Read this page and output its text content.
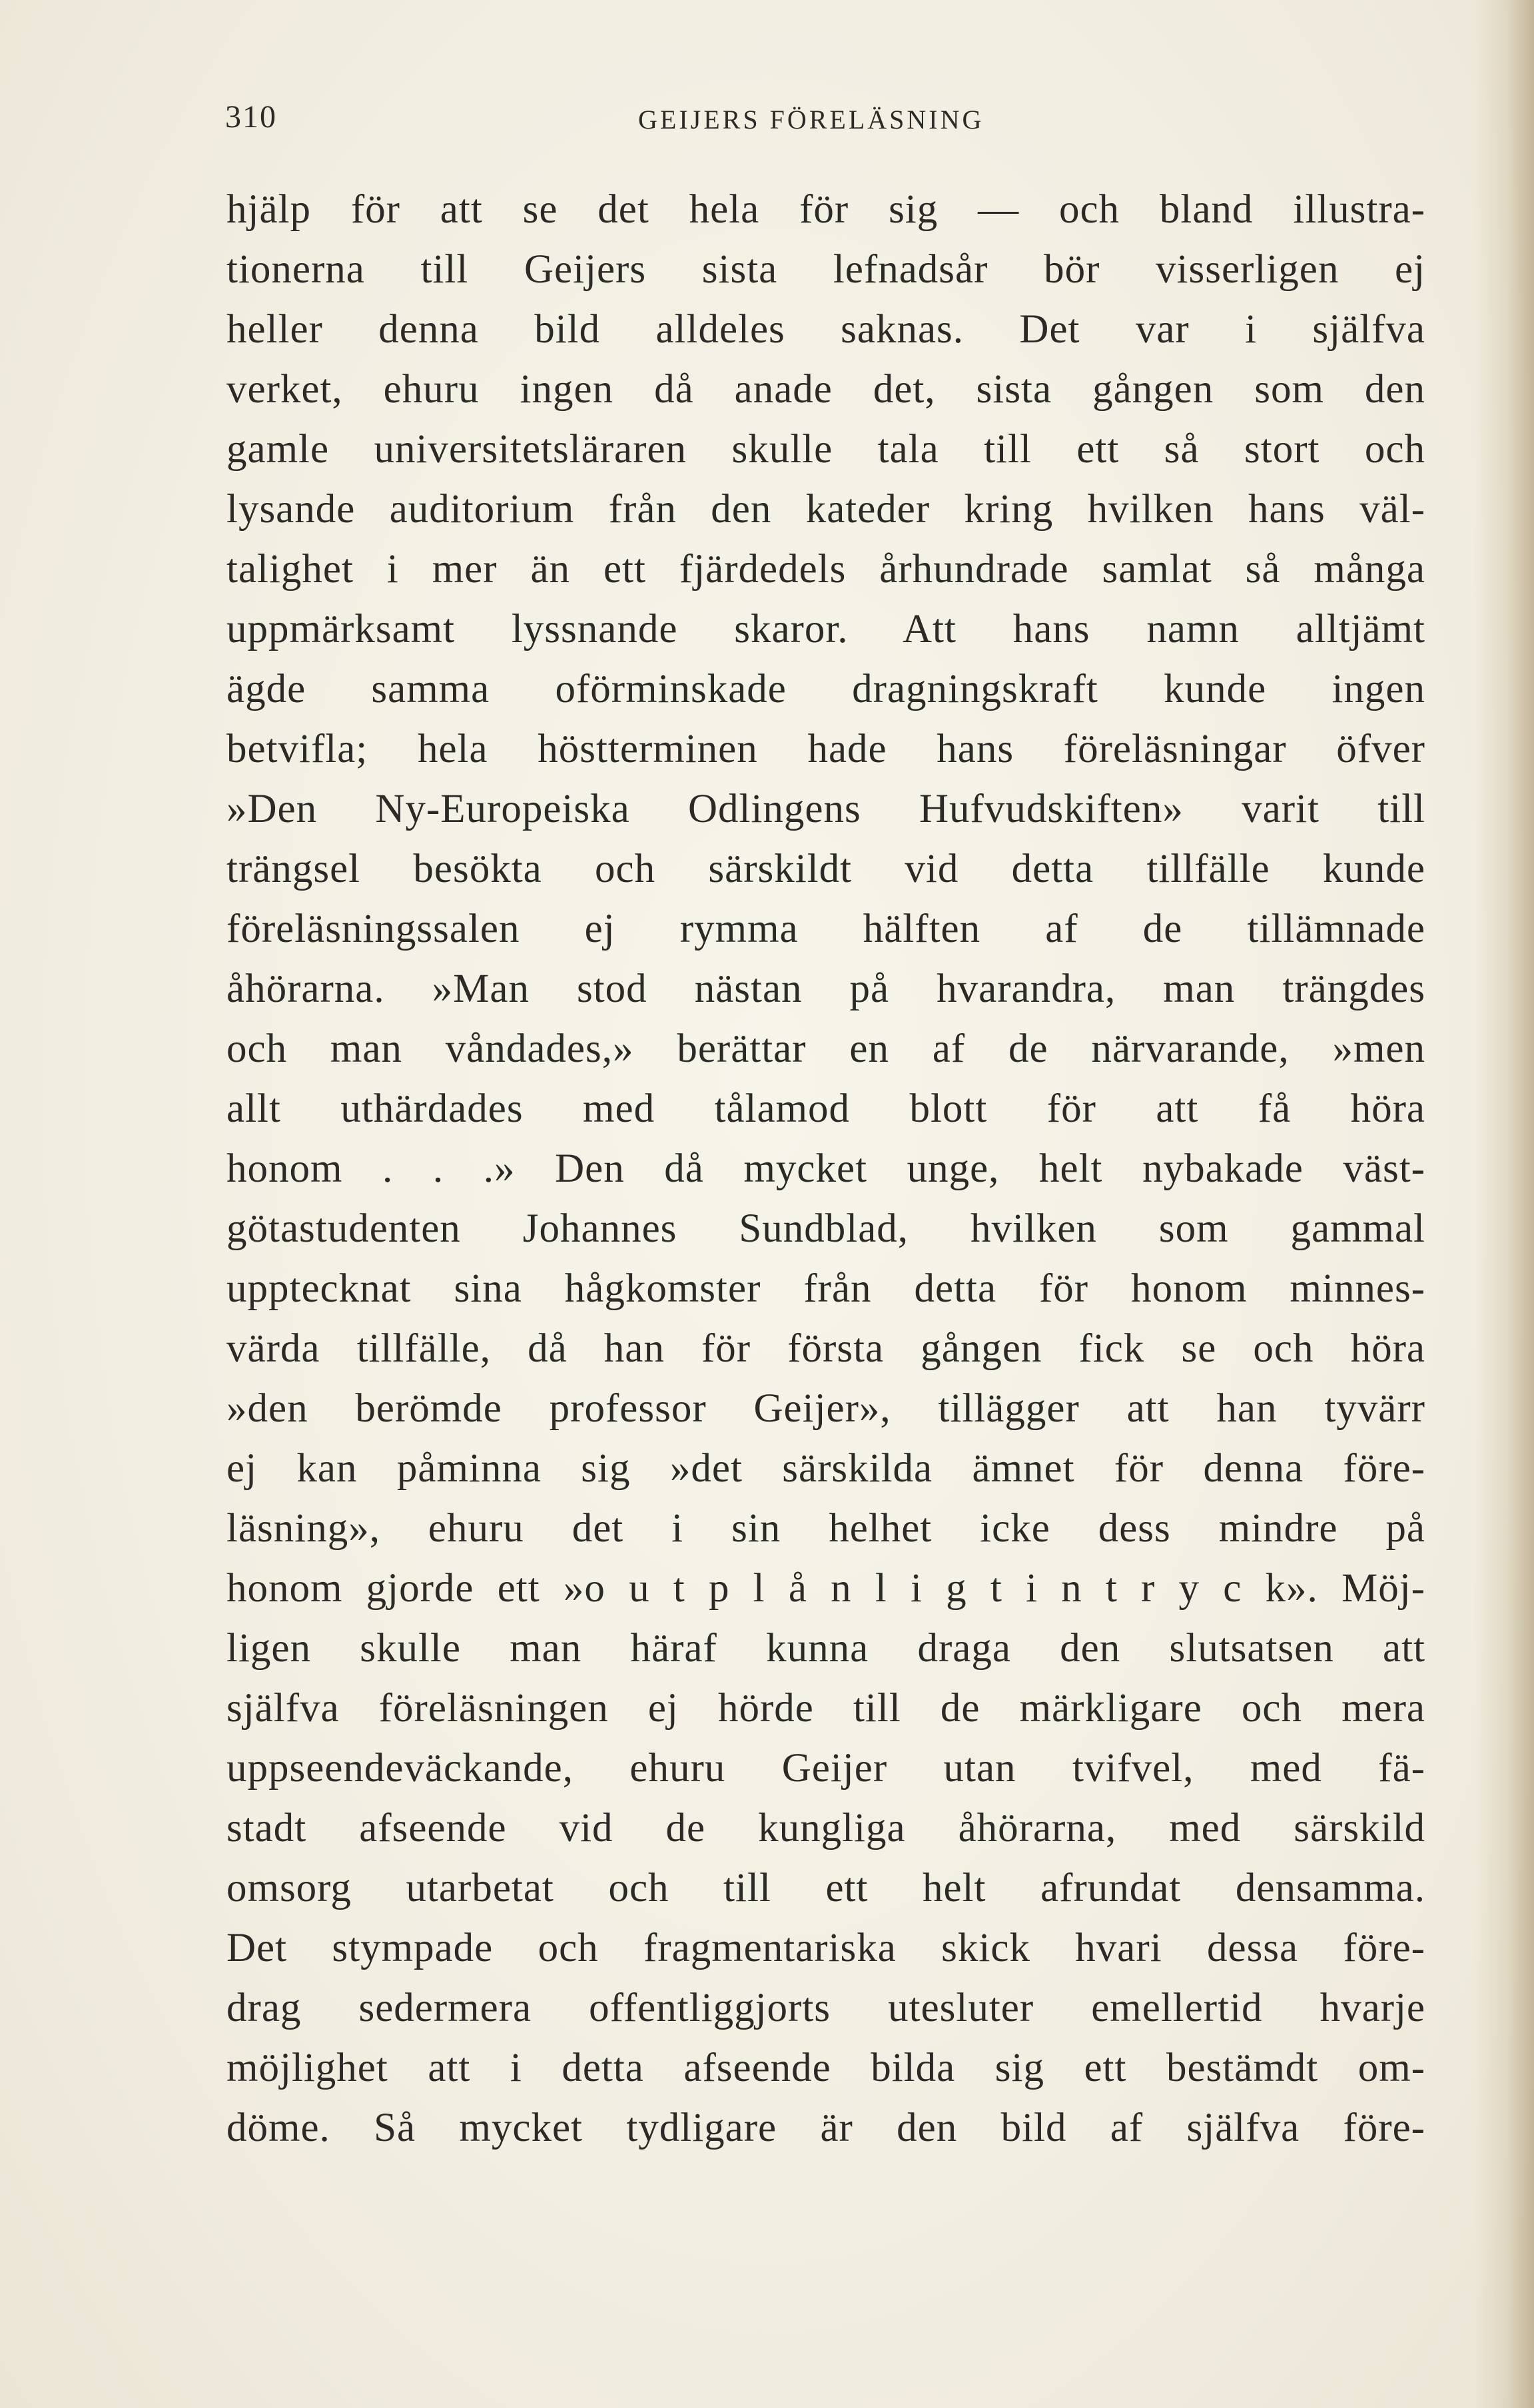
310	GEIJERS FÖRELÄSNING
hjälp för att se det hela för sig — och bland illustra-
tionerna till Geijers sista lefnadsår bör visserligen ej
heller denna bild alldeles saknas. Det var i själfva
verket, ehuru ingen då anade det, sista gången som den
gamle universitetsläraren skulle tala till ett så stort och
lysande auditorium från den kateder kring hvilken hans väl-
talighet i mer än ett fjärdedels århundrade samlat så många
uppmärksamt lyssnande skaror. Att hans namn alltjämt
ägde samma oförminskade dragningskraft kunde ingen
betvifla; hela höstterminen hade hans föreläsningar öfver
»Den Ny-Europeiska Odlingens Hufvudskiften» varit till
trängsel besökta och särskildt vid detta tillfälle kunde
föreläsningssalen ej rymma hälften af de tillämnade
åhörarna. »Man stod nästan på hvarandra, man trängdes
och man våndades,» berättar en af de närvarande, »men
allt uthärdades med tålamod blott för att få höra
honom . . .» Den då mycket unge, helt nybakade väst-
götastudenten Johannes Sundblad, hvilken som gammal
upptecknat sina hågkomster från detta för honom minnes-
värda tillfälle, då han för första gången fick se och höra
»den berömde professor Geijer», tillägger att han tyvärr
ej kan påminna sig »det särskilda ämnet för denna före-
läsning», ehuru det i sin helhet icke dess mindre på
honom gjorde ett »o u t p l å n l i g t i n t r y c k». Möj-
ligen skulle man häraf kunna draga den slutsatsen att
själfva föreläsningen ej hörde till de märkligare och mera
uppseendeväckande, ehuru Geijer utan tvifvel, med fä-
stadt afseende vid de kungliga åhörarna, med särskild
omsorg utarbetat och till ett helt afrundat densamma.
Det stympade och fragmentariska skick hvari dessa före-
drag sedermera offentliggjorts utesluter emellertid hvarje
möjlighet att i detta afseende bilda sig ett bestämdt om-
döme. Så mycket tydligare är den bild af själfva före-
